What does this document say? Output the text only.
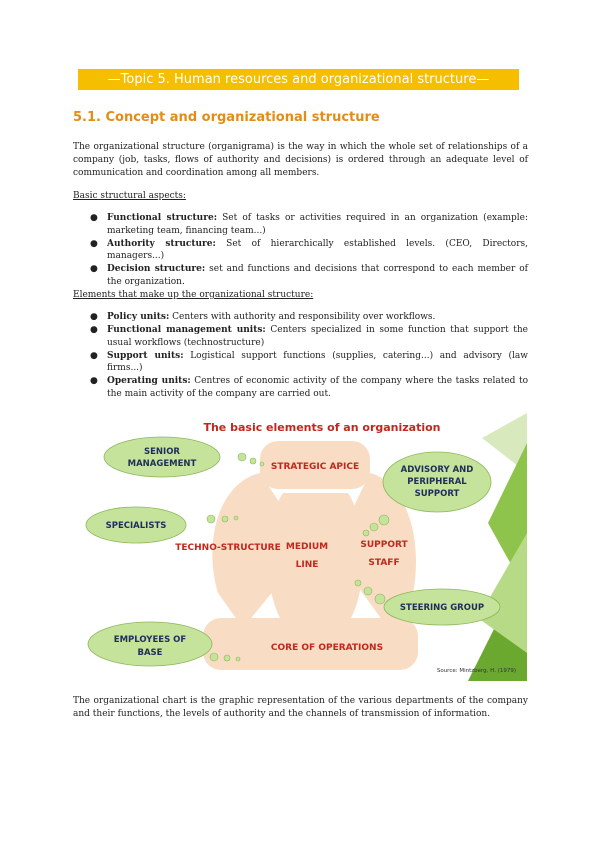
—Topic 5. Human resources and organizational structure—
5.1. Concept and organizational structure
The organizational structure (organigrama) is the way in which the whole set of relationships of a company (job, tasks, flows of authority and decisions) is ordered through an adequate level of communication and coordination among all members.
Basic structural aspects:
● Functional structure: Set of tasks or activities required in an organization (example: marketing team, financing team...)
● Authority structure: Set of hierarchically established levels. (CEO, Directors, managers...)
● Decision structure: set and functions and decisions that correspond to each member of the organization.
Elements that make up the organizational structure:
● Policy units: Centers with authority and responsibility over workflows.
● Functional management units: Centers specialized in some function that support the usual workflows (technostructure)
● Support units: Logistical support functions (supplies, catering...) and advisory (law firms...)
● Operating units: Centres of economic activity of the company where the tasks related to the main activity of the company are carried out.
The basic elements of an organization
STRATEGIC APICE
TECHNO-STRUCTURE MEDIUM
LINE
SUPPORT
STAFF
CORE OF OPERATIONS
SENIOR
MANAGEMENT
SPECIALISTS
EMPLOYEES OF
BASE
ADVISORY AND
PERIPHERAL
SUPPORT
STEERING GROUP
Source: Mintzberg, H. (1979)
The organizational chart is the graphic representation of the various departments of the company and their functions, the levels of authority and the channels of transmission of information.
